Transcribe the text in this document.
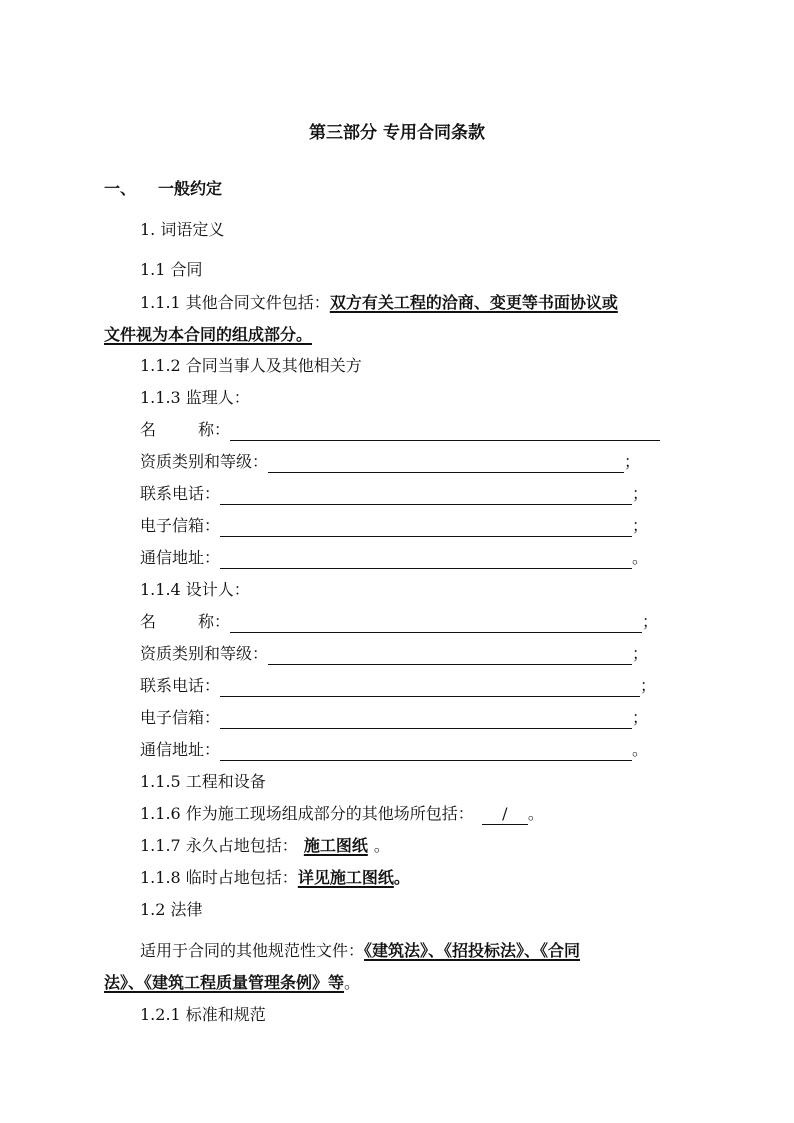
第三部分 专用合同条款
一、 一般约定
1. 词语定义
1.1 合同
1.1.1 其他合同文件包括：双方有关工程的洽商、变更等书面协议或
文件视为本合同的组成部分。
1.1.2 合同当事人及其他相关方
1.1.3 监理人：
名	称：
资质类别和等级：	；
联系电话：	；
电子信箱：	；
通信地址：	。
1.1.4 设计人：
名	称：	；
资质类别和等级：	；
联系电话：	；
电子信箱：	；
通信地址：	。
1.1.5 工程和设备
1.1.6 作为施工现场组成部分的其他场所包括： / 。
1.1.7 永久占地包括： 施工图纸 。
1.1.8 临时占地包括：详见施工图纸。
1.2 法律
适用于合同的其他规范性文件：《建筑法》、《招投标法》、《合同
法》、《建筑工程质量管理条例》等。
1.2.1 标准和规范
